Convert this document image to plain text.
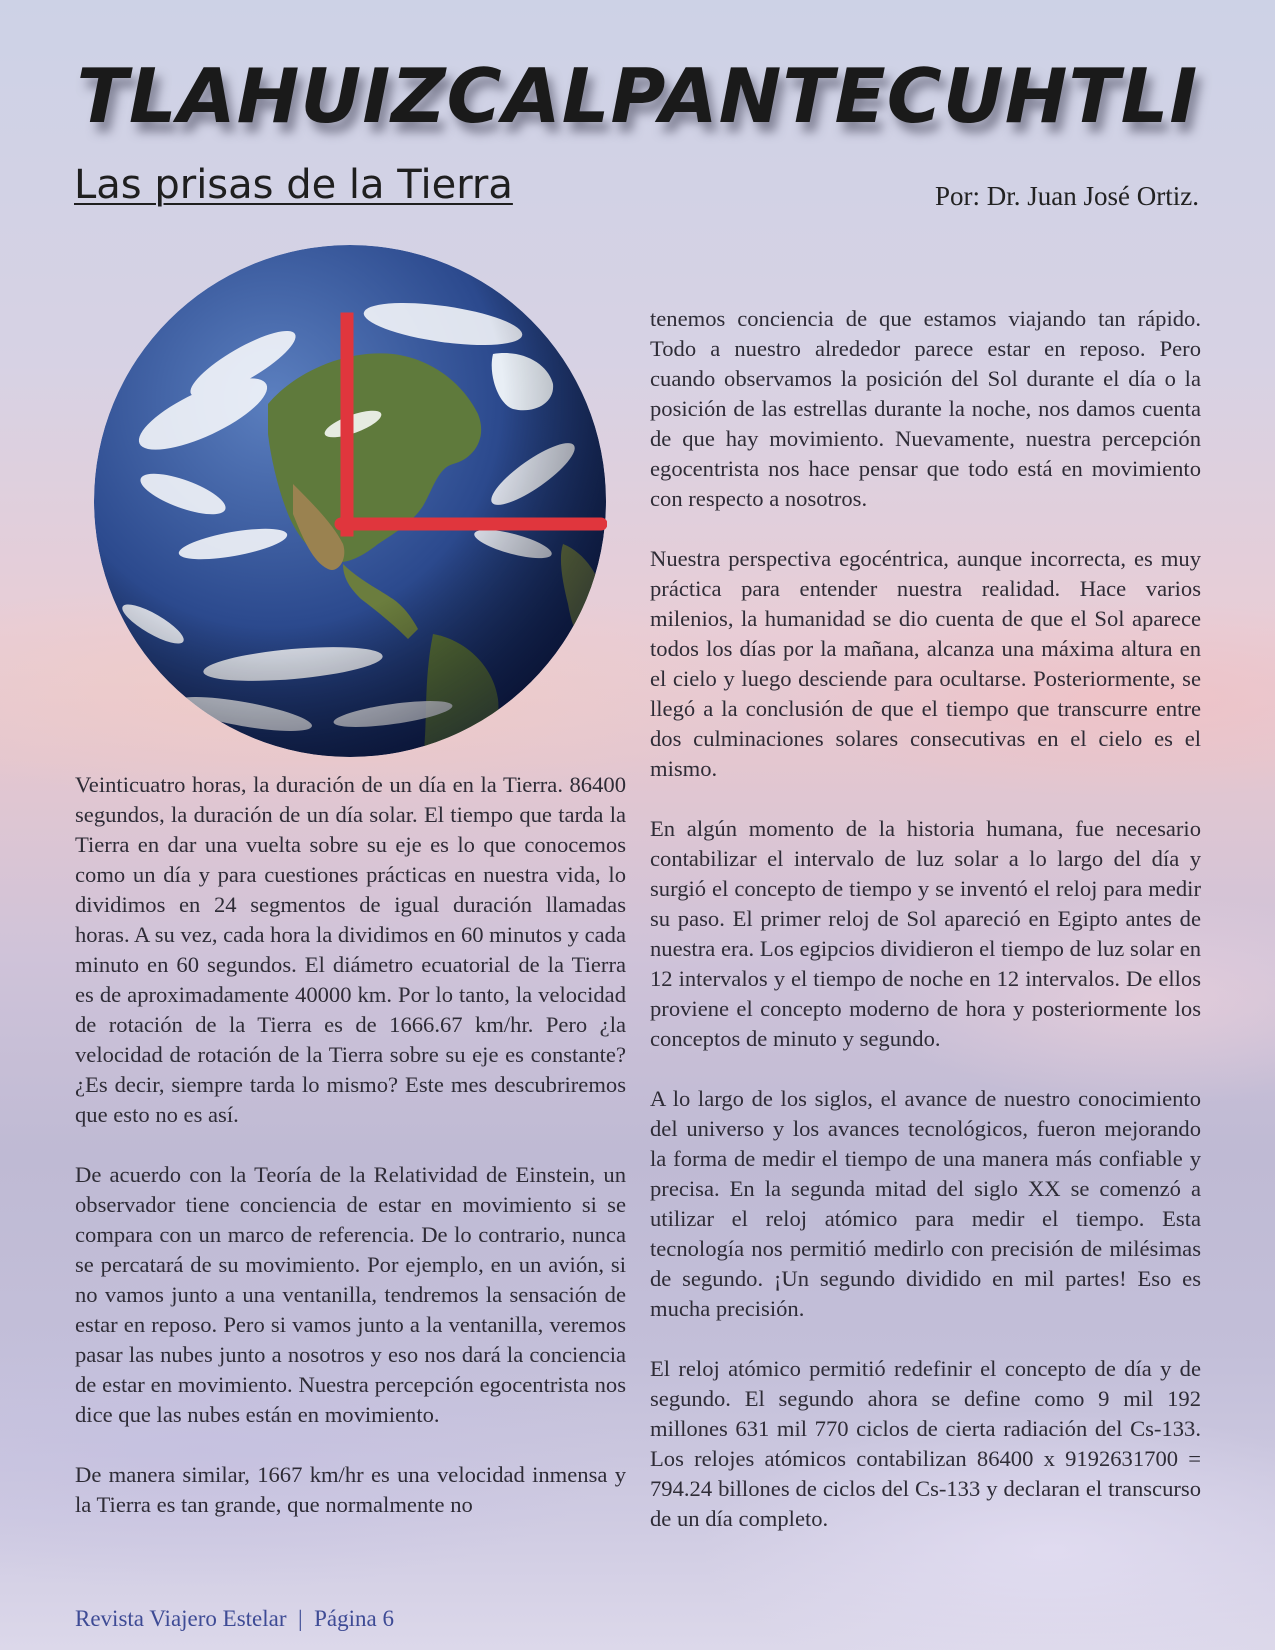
TLAHUIZCALPANTECUHTLI
Las prisas de la Tierra	Por: Dr. Juan José Ortiz.

Veinticuatro horas, la duración de un día en la Tierra. 86400 segundos, la duración de un día solar. El tiempo que tarda la Tierra en dar una vuelta sobre su eje es lo que conocemos como un día y para cuestiones prácticas en nuestra vida, lo dividimos en 24 segmentos de igual duración llamadas horas. A su vez, cada hora la dividimos en 60 minutos y cada minuto en 60 segundos. El diámetro ecuatorial de la Tierra es de aproximadamente 40000 km. Por lo tanto, la velocidad de rotación de la Tierra es de 1666.67 km/hr. Pero ¿la velocidad de rotación de la Tierra sobre su eje es constante? ¿Es decir, siempre tarda lo mismo? Este mes descubriremos que esto no es así.

De acuerdo con la Teoría de la Relatividad de Einstein, un observador tiene conciencia de estar en movimiento si se compara con un marco de referencia. De lo contrario, nunca se percatará de su movimiento. Por ejemplo, en un avión, si no vamos junto a una ventanilla, tendremos la sensación de estar en reposo. Pero si vamos junto a la ventanilla, veremos pasar las nubes junto a nosotros y eso nos dará la conciencia de estar en movimiento. Nuestra percepción egocentrista nos dice que las nubes están en movimiento.

De manera similar, 1667 km/hr es una velocidad inmensa y la Tierra es tan grande, que normalmente no

tenemos conciencia de que estamos viajando tan rápido. Todo a nuestro alrededor parece estar en reposo. Pero cuando observamos la posición del Sol durante el día o la posición de las estrellas durante la noche, nos damos cuenta de que hay movimiento. Nuevamente, nuestra percepción egocentrista nos hace pensar que todo está en movimiento con respecto a nosotros.

Nuestra perspectiva egocéntrica, aunque incorrecta, es muy práctica para entender nuestra realidad. Hace varios milenios, la humanidad se dio cuenta de que el Sol aparece todos los días por la mañana, alcanza una máxima altura en el cielo y luego desciende para ocultarse. Posteriormente, se llegó a la conclusión de que el tiempo que transcurre entre dos culminaciones solares consecutivas en el cielo es el mismo.

En algún momento de la historia humana, fue necesario contabilizar el intervalo de luz solar a lo largo del día y surgió el concepto de tiempo y se inventó el reloj para medir su paso. El primer reloj de Sol apareció en Egipto antes de nuestra era. Los egipcios dividieron el tiempo de luz solar en 12 intervalos y el tiempo de noche en 12 intervalos. De ellos proviene el concepto moderno de hora y posteriormente los conceptos de minuto y segundo.

A lo largo de los siglos, el avance de nuestro conocimiento del universo y los avances tecnológicos, fueron mejorando la forma de medir el tiempo de una manera más confiable y precisa. En la segunda mitad del siglo XX se comenzó a utilizar el reloj atómico para medir el tiempo. Esta tecnología nos permitió medirlo con precisión de milésimas de segundo. ¡Un segundo dividido en mil partes! Eso es mucha precisión.

El reloj atómico permitió redefinir el concepto de día y de segundo. El segundo ahora se define como 9 mil 192 millones 631 mil 770 ciclos de cierta radiación del Cs-133. Los relojes atómicos contabilizan 86400 x 9192631700 = 794.24 billones de ciclos del Cs-133 y declaran el transcurso de un día completo.

Revista Viajero Estelar  |  Página 6
